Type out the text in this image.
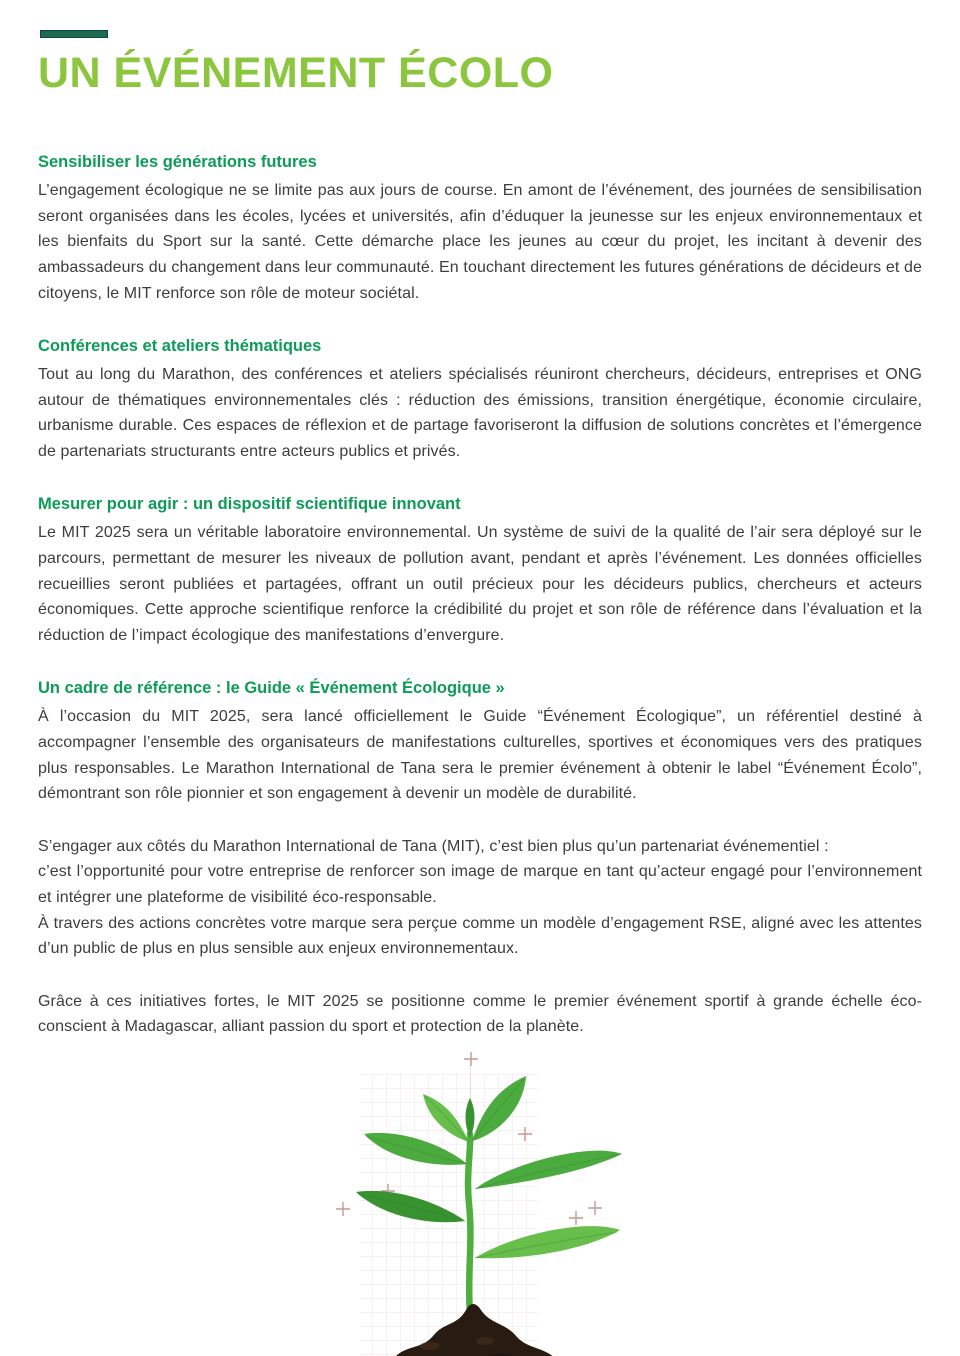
UN ÉVÉNEMENT ÉCOLO
Sensibiliser les générations futures

L’engagement écologique ne se limite pas aux jours de course. En amont de l’événement, des journées de sensibilisation seront organisées dans les écoles, lycées et universités, afin d’éduquer la jeunesse sur les enjeux environnementaux et les bienfaits du Sport sur la santé. Cette démarche place les jeunes au cœur du projet, les incitant à devenir des ambassadeurs du changement dans leur communauté. En touchant directement les futures générations de décideurs et de citoyens, le MIT renforce son rôle de moteur sociétal.

Conférences et ateliers thématiques

Tout au long du Marathon, des conférences et ateliers spécialisés réuniront chercheurs, décideurs, entreprises et ONG autour de thématiques environnementales clés : réduction des émissions, transition énergétique, économie circulaire, urbanisme durable. Ces espaces de réflexion et de partage favoriseront la diffusion de solutions concrètes et l’émergence de partenariats structurants entre acteurs publics et privés.

Mesurer pour agir : un dispositif scientifique innovant

Le MIT 2025 sera un véritable laboratoire environnemental. Un système de suivi de la qualité de l’air sera déployé sur le parcours, permettant de mesurer les niveaux de pollution avant, pendant et après l’événement. Les données officielles recueillies seront publiées et partagées, offrant un outil précieux pour les décideurs publics, chercheurs et acteurs économiques. Cette approche scientifique renforce la crédibilité du projet et son rôle de référence dans l’évaluation et la réduction de l’impact écologique des manifestations d’envergure.

Un cadre de référence : le Guide « Événement Écologique »

À l’occasion du MIT 2025, sera lancé officiellement le Guide “Événement Écologique”, un référentiel destiné à accompagner l’ensemble des organisateurs de manifestations culturelles, sportives et économiques vers des pratiques plus responsables. Le Marathon International de Tana sera le premier événement à obtenir le label “Événement Écolo”, démontrant son rôle pionnier et son engagement à devenir un modèle de durabilité.

S’engager aux côtés du Marathon International de Tana (MIT), c’est bien plus qu’un partenariat événementiel :

c’est l’opportunité pour votre entreprise de renforcer son image de marque en tant qu’acteur engagé pour l’environnement et intégrer une plateforme de visibilité éco-responsable.

À travers des actions concrètes votre marque sera perçue comme un modèle d’engagement RSE, aligné avec les attentes d’un public de plus en plus sensible aux enjeux environnementaux.

Grâce à ces initiatives fortes, le MIT 2025 se positionne comme le premier événement sportif à grande échelle éco-conscient à Madagascar, alliant passion du sport et protection de la planète.
